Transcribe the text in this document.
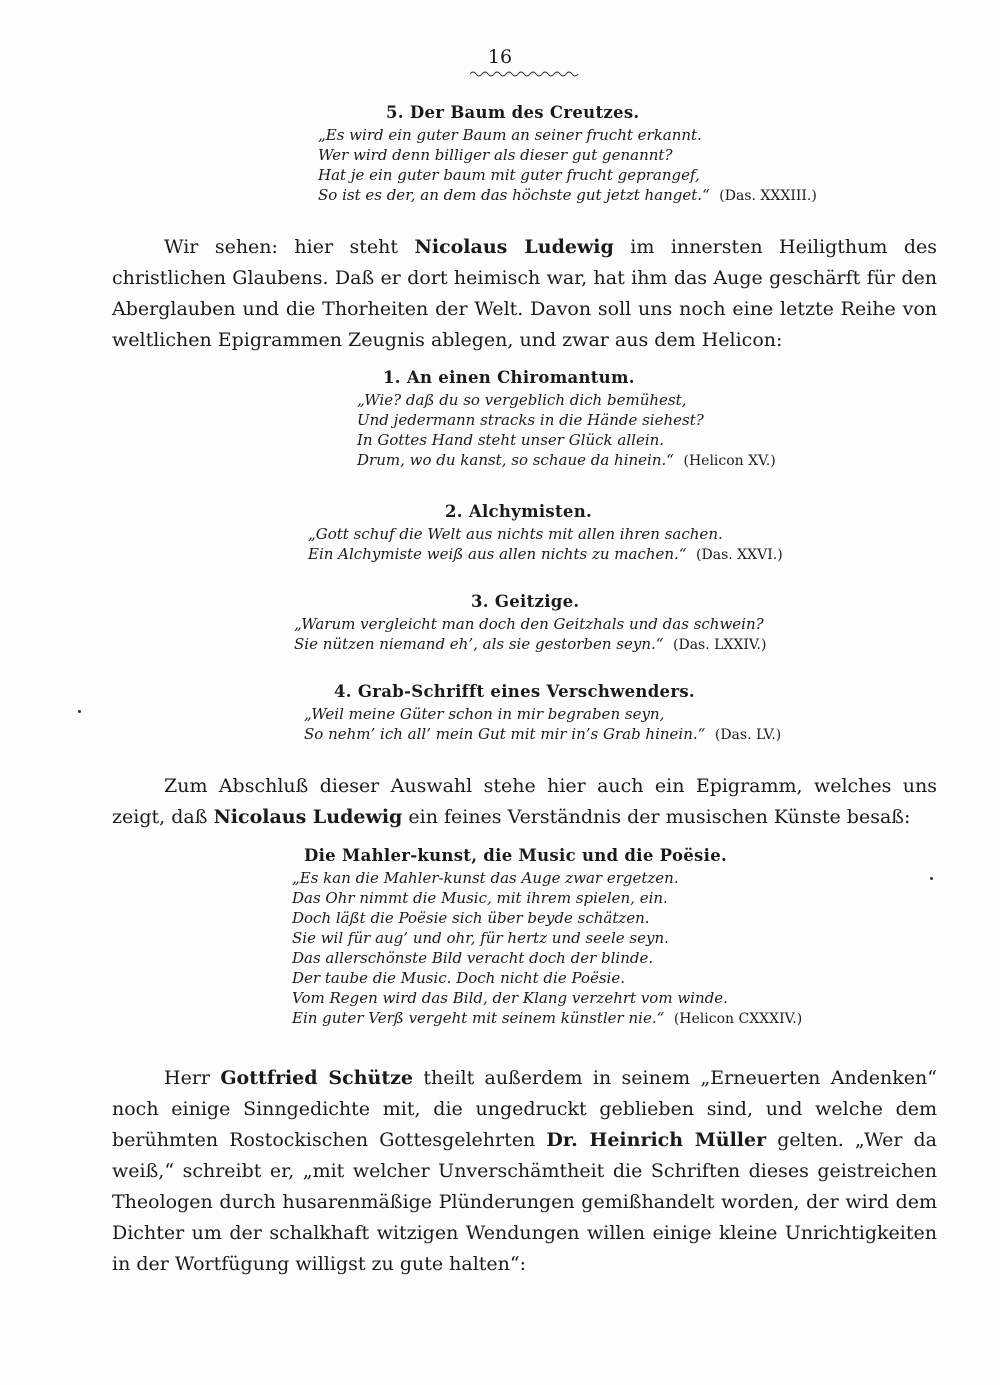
16
5. Der Baum des Creutzes.
„Es wird ein guter Baum an seiner frucht erkannt.
Wer wird denn billiger als dieser gut genannt?
Hat je ein guter baum mit guter frucht geprangef,
So ist es der, an dem das höchste gut jetzt hanget.“ (Das. XXXIII.)

Wir sehen: hier steht Nicolaus Ludewig im innersten Heiligthum des christlichen Glaubens. Daß er dort heimisch war, hat ihm das Auge geschärft für den Aberglauben und die Thorheiten der Welt. Davon soll uns noch eine letzte Reihe von weltlichen Epigrammen Zeugnis ablegen, und zwar aus dem Helicon:

1. An einen Chiromantum.
„Wie? daß du so vergeblich dich bemühest,
Und jedermann stracks in die Hände siehest?
In Gottes Hand steht unser Glück allein.
Drum, wo du kanst, so schaue da hinein.“ (Helicon XV.)
2. Alchymisten.
„Gott schuf die Welt aus nichts mit allen ihren sachen.
Ein Alchymiste weiß aus allen nichts zu machen.“ (Das. XXVI.)
3. Geitzige.
„Warum vergleicht man doch den Geitzhals und das schwein?
Sie nützen niemand eh’, als sie gestorben seyn.“ (Das. LXXIV.)
4. Grab-Schrifft eines Verschwenders.
„Weil meine Güter schon in mir begraben seyn,
So nehm’ ich all’ mein Gut mit mir in’s Grab hinein.“ (Das. LV.)

Zum Abschluß dieser Auswahl stehe hier auch ein Epigramm, welches uns zeigt, daß Nicolaus Ludewig ein feines Verständnis der musischen Künste besaß:

Die Mahler-kunst, die Music und die Poësie.
„Es kan die Mahler-kunst das Auge zwar ergetzen.
Das Ohr nimmt die Music, mit ihrem spielen, ein.
Doch läßt die Poësie sich über beyde schätzen.
Sie wil für aug’ und ohr, für hertz und seele seyn.
Das allerschönste Bild veracht doch der blinde.
Der taube die Music. Doch nicht die Poësie.
Vom Regen wird das Bild, der Klang verzehrt vom winde.
Ein guter Verß vergeht mit seinem künstler nie.“ (Helicon CXXXIV.)

Herr Gottfried Schütze theilt außerdem in seinem „Erneuerten Andenken“ noch einige Sinngedichte mit, die ungedruckt geblieben sind, und welche dem berühmten Rostockischen Gottesgelehrten Dr. Heinrich Müller gelten. „Wer da weiß,“ schreibt er, „mit welcher Unverschämtheit die Schriften dieses geistreichen Theologen durch husarenmäßige Plünderungen gemißhandelt worden, der wird dem Dichter um der schalkhaft witzigen Wendungen willen einige kleine Unrichtigkeiten in der Wortfügung willigst zu gute halten“:
